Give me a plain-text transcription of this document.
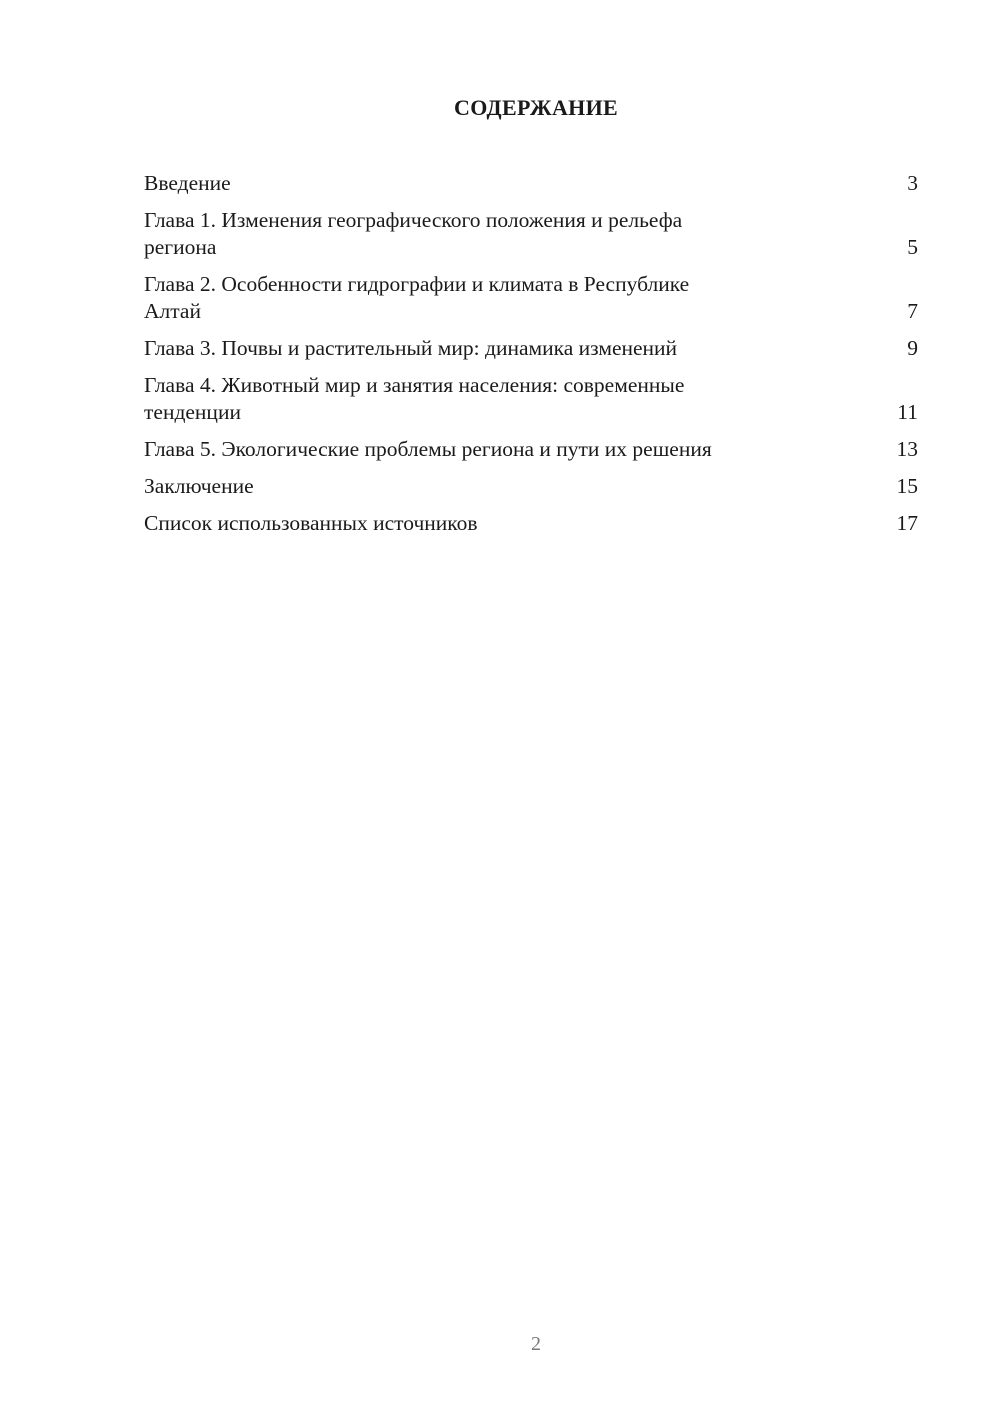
СОДЕРЖАНИЕ
Введение	3
Глава 1. Изменения географического положения и рельефа
региона	5
Глава 2. Особенности гидрографии и климата в Республике
Алтай	7
Глава 3. Почвы и растительный мир: динамика изменений	9
Глава 4. Животный мир и занятия населения: современные
тенденции	11
Глава 5. Экологические проблемы региона и пути их решения	13
Заключение	15
Список использованных источников	17
2
